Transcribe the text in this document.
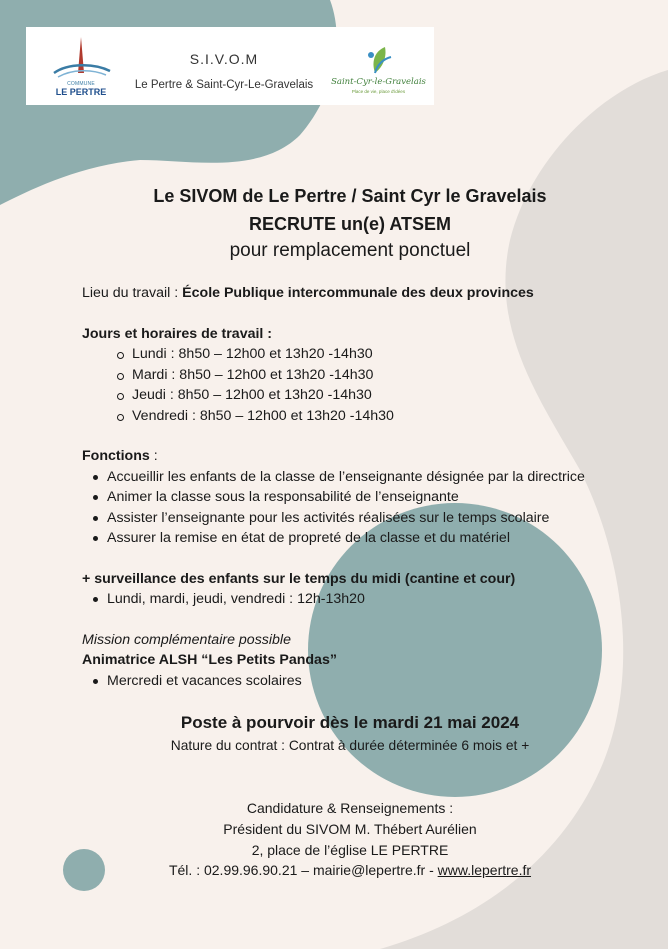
COMMUNE
LE PERTRE
S.I.V.O.M
Le Pertre & Saint-Cyr-Le-Gravelais	Saint-Cyr-le-Gravelais
Place de vie, place d'idées
Le SIVOM de Le Pertre / Saint Cyr le Gravelais
RECRUTE un(e) ATSEM
pour remplacement ponctuel
Lieu du travail : École Publique intercommunale des deux provinces
Jours et horaires de travail :
Lundi : 8h50 – 12h00 et 13h20 -14h30
Mardi : 8h50 – 12h00 et 13h20 -14h30
Jeudi : 8h50 – 12h00 et 13h20 -14h30
Vendredi : 8h50 – 12h00 et 13h20 -14h30
Fonctions :
Accueillir les enfants de la classe de l’enseignante désignée par la directrice
Animer la classe sous la responsabilité de l’enseignante
Assister l’enseignante pour les activités réalisées sur le temps scolaire
Assurer la remise en état de propreté de la classe et du matériel
+ surveillance des enfants sur le temps du midi (cantine et cour)
Lundi, mardi, jeudi, vendredi : 12h-13h20
Mission complémentaire possible
Animatrice ALSH “Les Petits Pandas”
Mercredi et vacances scolaires
Poste à pourvoir dès le mardi 21 mai 2024
Nature du contrat : Contrat à durée déterminée 6 mois et +
Candidature & Renseignements :
Président du SIVOM M. Thébert Aurélien
2, place de l’église LE PERTRE
Tél. : 02.99.96.90.21 – mairie@lepertre.fr - www.lepertre.fr
